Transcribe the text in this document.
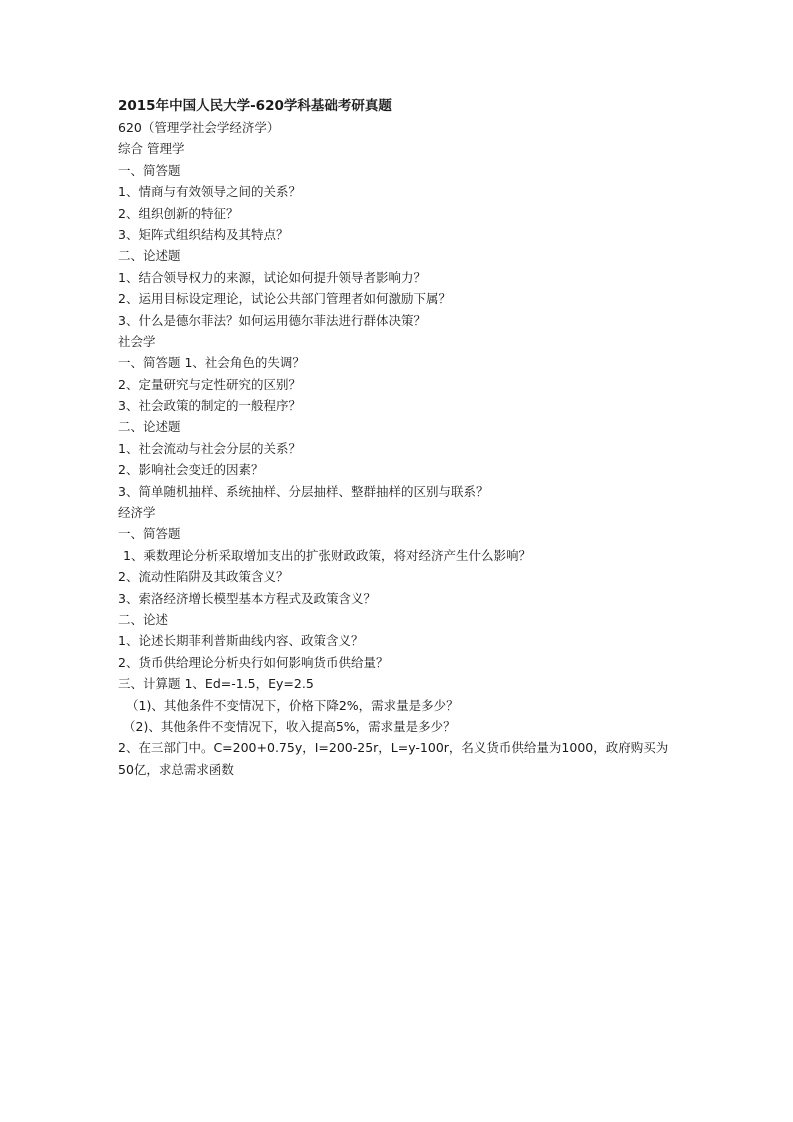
2015年中国人民大学-620学科基础考研真题
620（管理学社会学经济学）
综合 管理学
一、简答题
1、情商与有效领导之间的关系？
2、组织创新的特征？
3、矩阵式组织结构及其特点？
二、论述题
1、结合领导权力的来源，试论如何提升领导者影响力？
2、运用目标设定理论，试论公共部门管理者如何激励下属？
3、什么是德尔菲法？如何运用德尔菲法进行群体决策？
社会学
一、简答题 1、社会角色的失调？
2、定量研究与定性研究的区别？
3、社会政策的制定的一般程序？
二、论述题
1、社会流动与社会分层的关系？
2、影响社会变迁的因素？
3、简单随机抽样、系统抽样、分层抽样、整群抽样的区别与联系？
经济学
一、简答题
1、乘数理论分析采取增加支出的扩张财政政策，将对经济产生什么影响？
2、流动性陷阱及其政策含义？
3、索洛经济增长模型基本方程式及政策含义？
二、论述
1、论述长期菲利普斯曲线内容、政策含义？
2、货币供给理论分析央行如何影响货币供给量？
三、计算题 1、Ed=-1.5，Ey=2.5
（1)、其他条件不变情况下，价格下降2%，需求量是多少？
（2)、其他条件不变情况下，收入提高5%，需求量是多少？
2、在三部门中。C=200+0.75y，I=200-25r，L=y-100r，名义货币供给量为1000，政府购买为
50亿，求总需求函数
